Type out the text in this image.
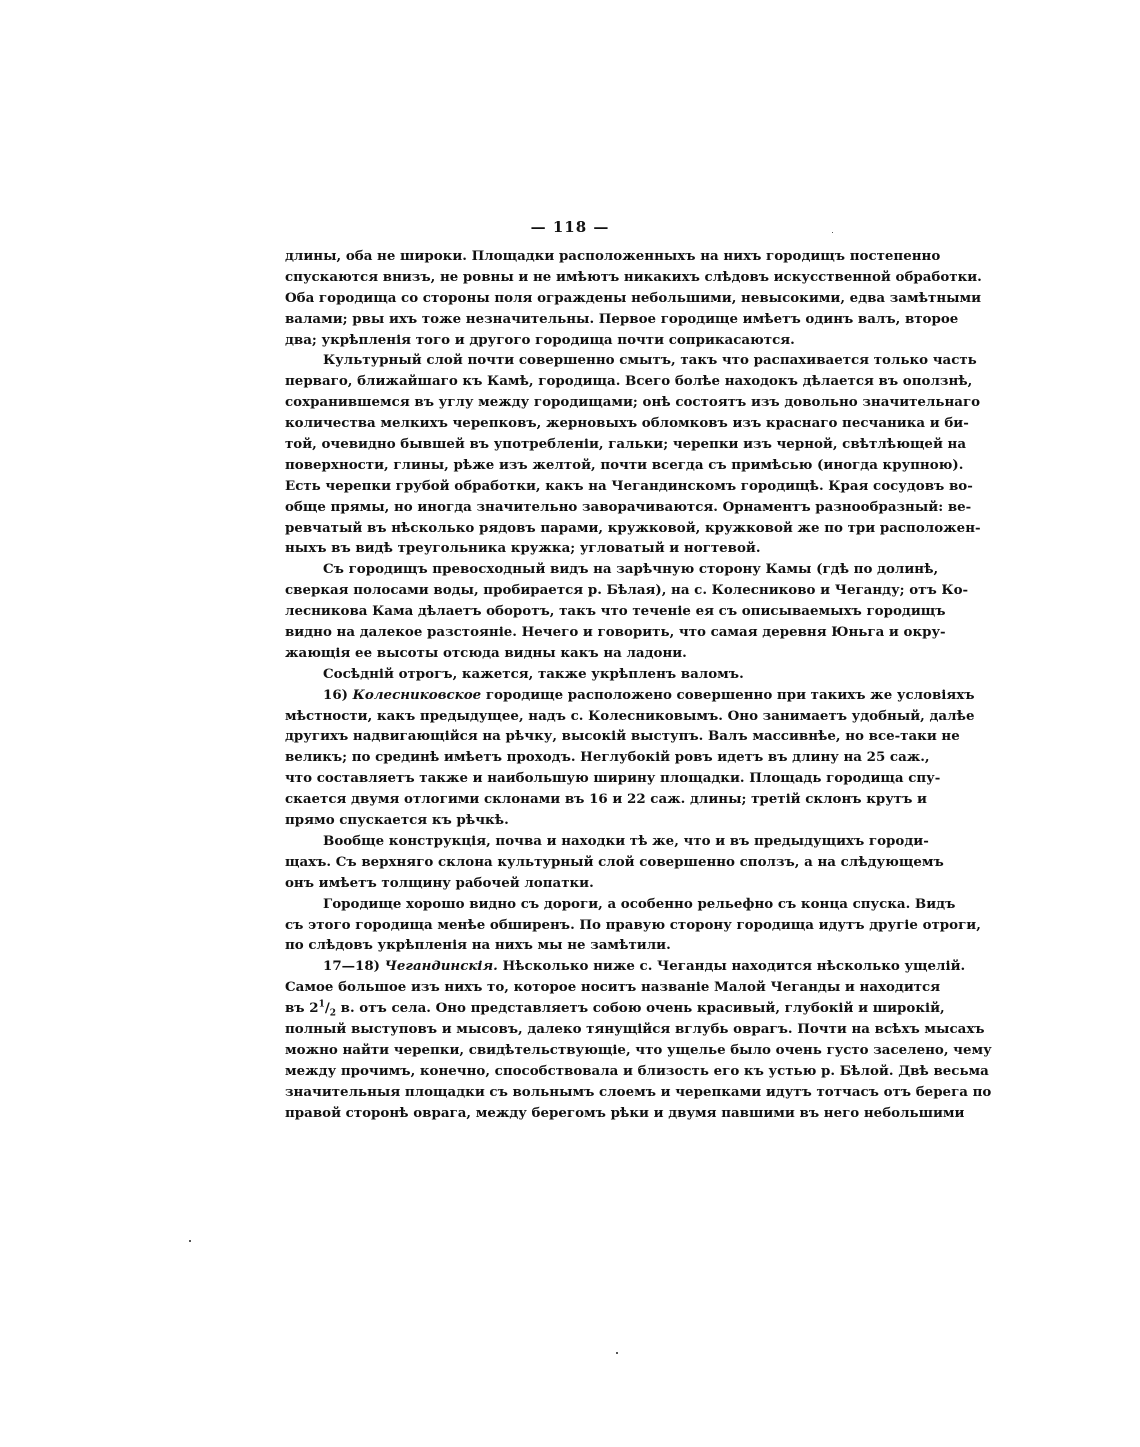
— 118 —
длины, оба не широки. Площадки расположенныхъ на нихъ городищъ постепенно
спускаются внизъ, не ровны и не имѣютъ никакихъ слѣдовъ искусственной обработки.
Оба городища со стороны поля ограждены небольшими, невысокими, едва замѣтными
валами; рвы ихъ тоже незначительны. Первое городище имѣетъ одинъ валъ, второе
два; укрѣпленія того и другого городища почти соприкасаются.
Культурный слой почти совершенно смытъ, такъ что распахивается только часть
перваго, ближайшаго къ Камѣ, городища. Всего болѣе находокъ дѣлается въ оползнѣ,
сохранившемся въ углу между городищами; онѣ состоятъ изъ довольно значительнаго
количества мелкихъ черепковъ, жерновыхъ обломковъ изъ краснаго песчаника и би-
той, очевидно бывшей въ употребленіи, гальки; черепки изъ черной, свѣтлѣющей на
поверхности, глины, рѣже изъ желтой, почти всегда съ примѣсью (иногда крупною).
Есть черепки грубой обработки, какъ на Чегандинскомъ городищѣ. Края сосудовъ во-
обще прямы, но иногда значительно заворачиваются. Орнаментъ разнообразный: ве-
ревчатый въ нѣсколько рядовъ парами, кружковой, кружковой же по три расположен-
ныхъ въ видѣ треугольника кружка; угловатый и ногтевой.
Съ городищъ превосходный видъ на зарѣчную сторону Камы (гдѣ по долинѣ,
сверкая полосами воды, пробирается р. Бѣлая), на с. Колесниково и Чеганду; отъ Ко-
лесникова Кама дѣлаетъ оборотъ, такъ что теченіе ея съ описываемыхъ городищъ
видно на далекое разстояніе. Нечего и говорить, что самая деревня Юньга и окру-
жающія ее высоты отсюда видны какъ на ладони.
Сосѣдній отрогъ, кажется, также укрѣпленъ валомъ.
16) Колесниковское городище расположено совершенно при такихъ же условіяхъ
мѣстности, какъ предыдущее, надъ с. Колесниковымъ. Оно занимаетъ удобный, далѣе
другихъ надвигающійся на рѣчку, высокій выступъ. Валъ массивнѣе, но все-таки не
великъ; по срединѣ имѣетъ проходъ. Неглубокій ровъ идетъ въ длину на 25 саж.,
что составляетъ также и наибольшую ширину площадки. Площадь городища спу-
скается двумя отлогими склонами въ 16 и 22 саж. длины; третій склонъ крутъ и
прямо спускается къ рѣчкѣ.
Вообще конструкція, почва и находки тѣ же, что и въ предыдущихъ городи-
щахъ. Съ верхняго склона культурный слой совершенно сползъ, а на слѣдующемъ
онъ имѣетъ толщину рабочей лопатки.
Городище хорошо видно съ дороги, а особенно рельефно съ конца спуска. Видъ
съ этого городища менѣе обширенъ. По правую сторону городища идутъ другіе отроги,
по слѣдовъ укрѣпленія на нихъ мы не замѣтили.
17—18) Чегандинскія. Нѣсколько ниже с. Чеганды находится нѣсколько ущелій.
Самое большое изъ нихъ то, которое носитъ названіе Малой Чеганды и находится
въ $2^1/_2$ в. отъ села. Оно представляетъ собою очень красивый, глубокій и широкій,
полный выступовъ и мысовъ, далеко тянущійся вглубь оврагъ. Почти на всѣхъ мысахъ
можно найти черепки, свидѣтельствующіе, что ущелье было очень густо заселено, чему
между прочимъ, конечно, способствовала и близость его къ устью р. Бѣлой. Двѣ весьма
значительныя площадки съ вольнымъ слоемъ и черепками идутъ тотчасъ отъ берега по
правой сторонѣ оврага, между берегомъ рѣки и двумя павшими въ него небольшими
